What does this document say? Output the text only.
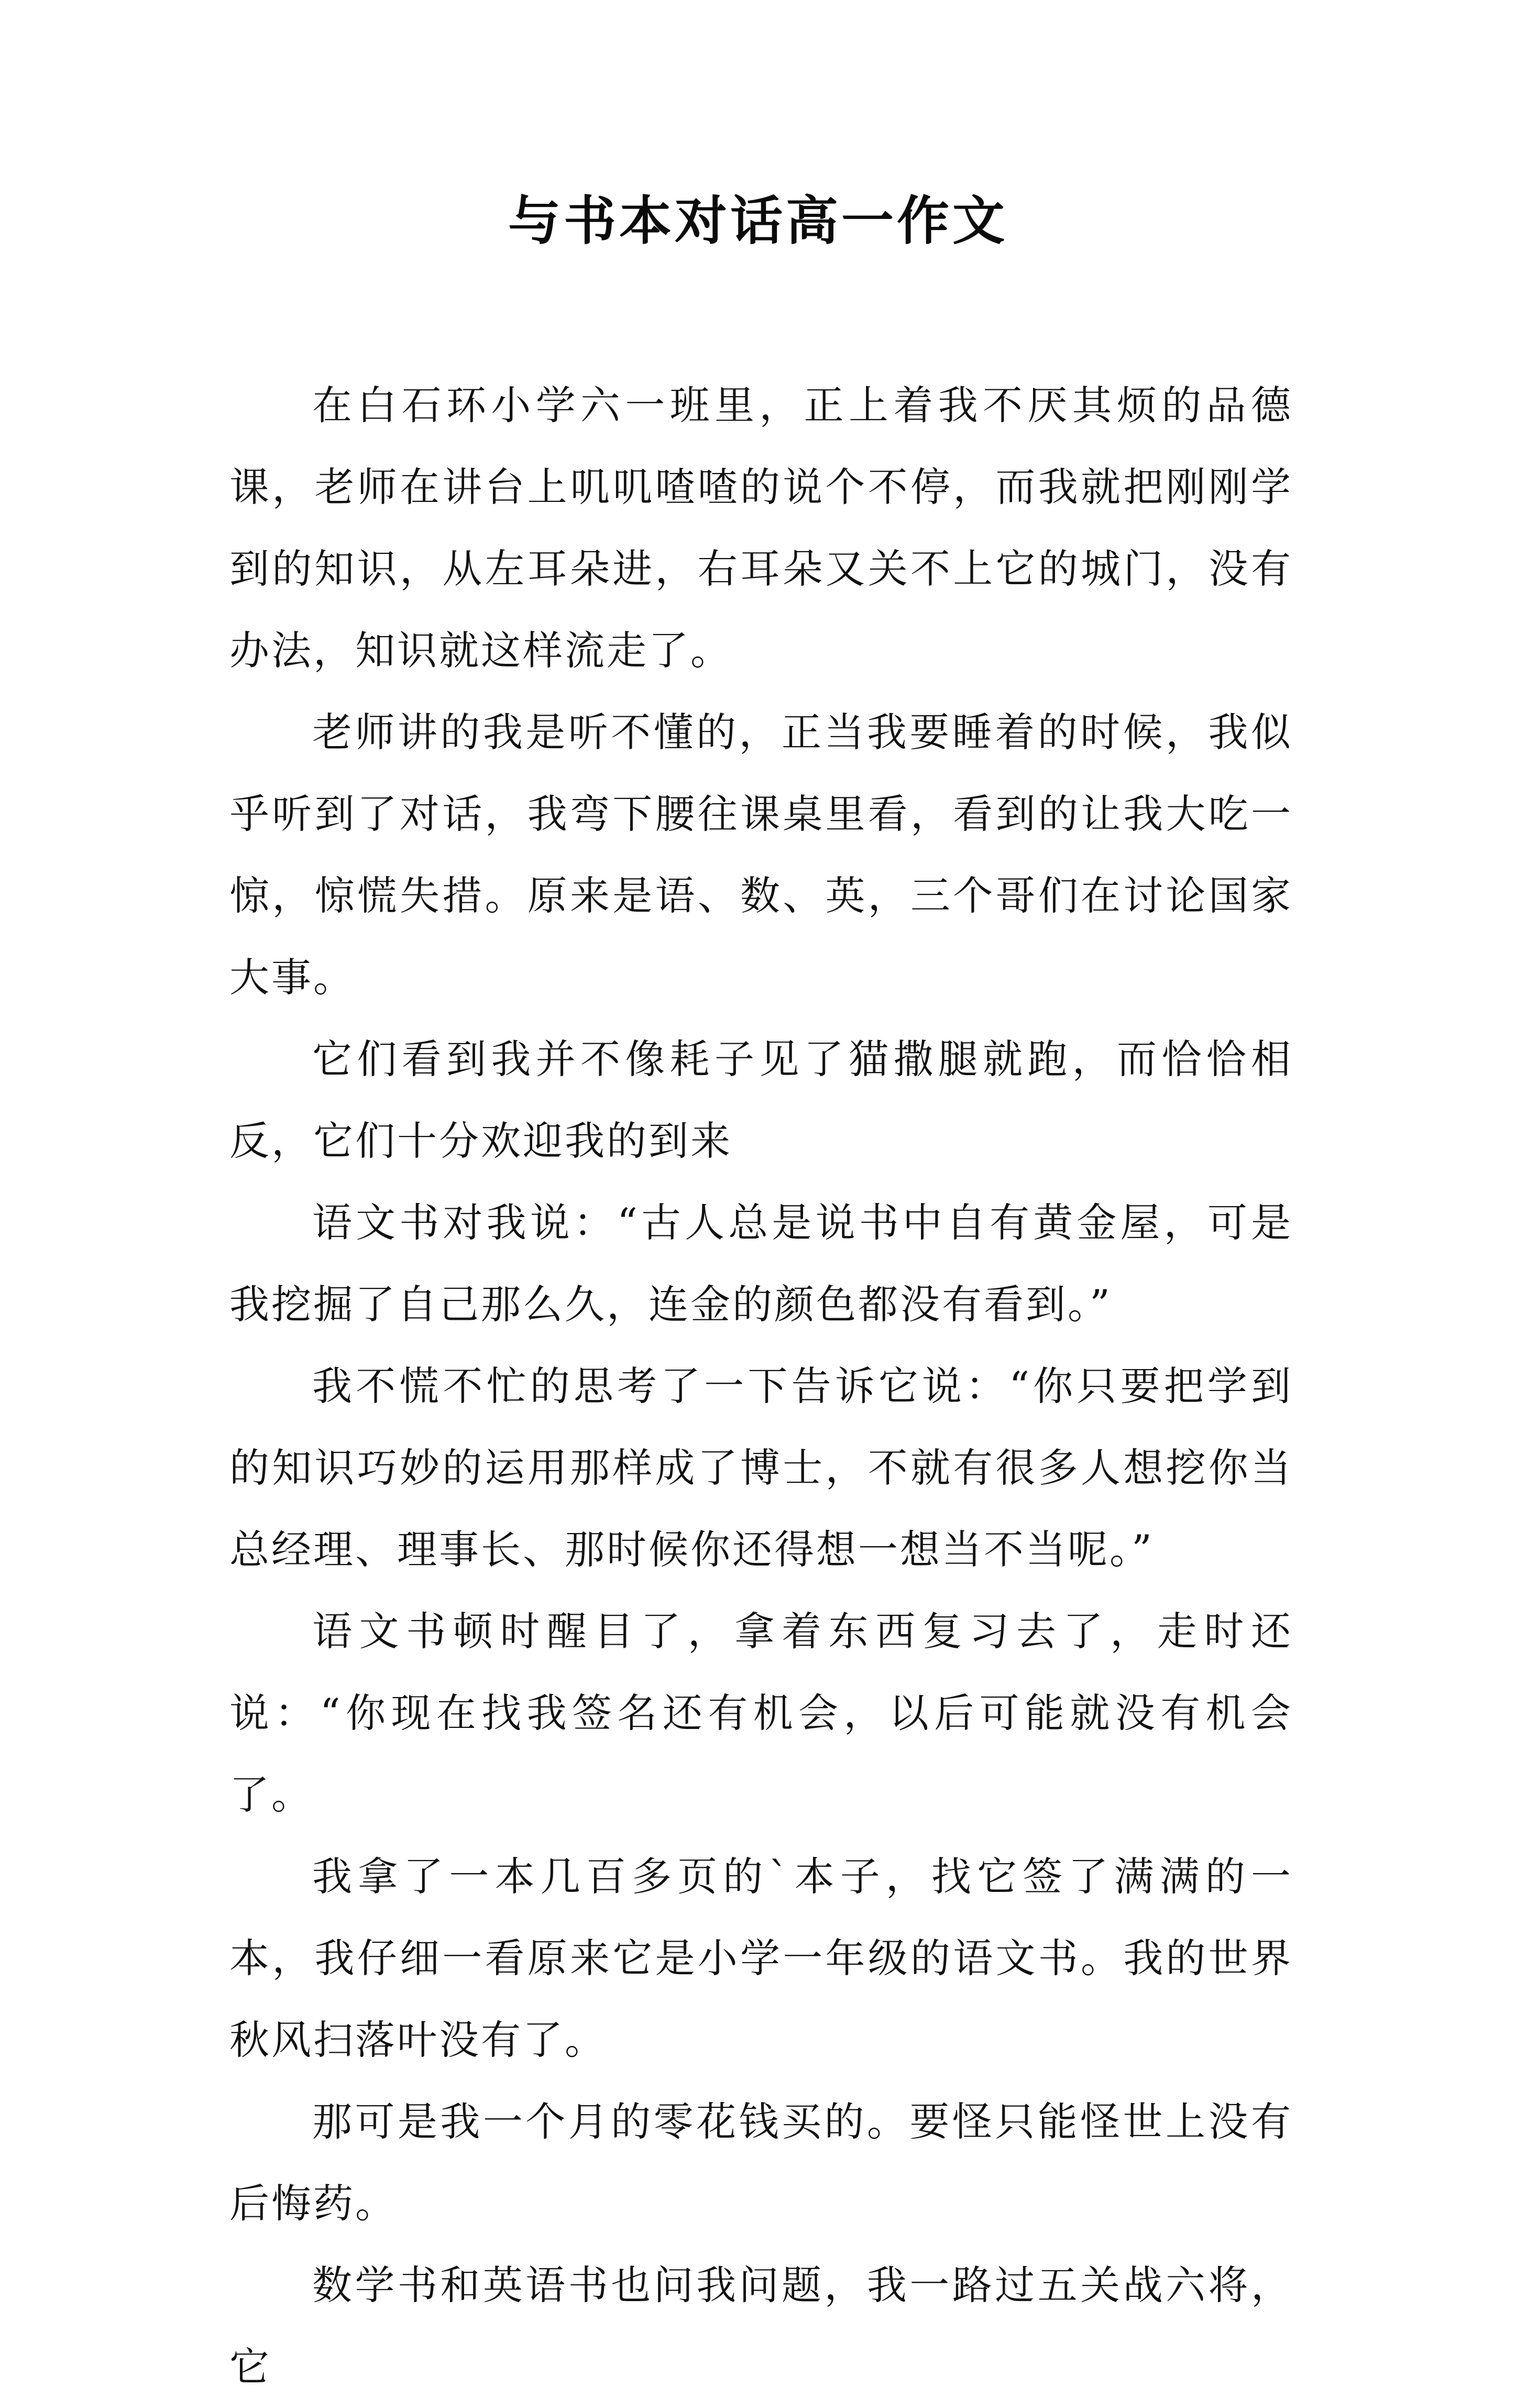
与书本对话高一作文

在白石环小学六一班里，正上着我不厌其烦的品德课，老师在讲台上叽叽喳喳的说个不停，而我就把刚刚学到的知识，从左耳朵进，右耳朵又关不上它的城门，没有办法，知识就这样流走了。

老师讲的我是听不懂的，正当我要睡着的时候，我似乎听到了对话，我弯下腰往课桌里看，看到的让我大吃一惊，惊慌失措。原来是语、数、英，三个哥们在讨论国家大事。

它们看到我并不像耗子见了猫撒腿就跑，而恰恰相反，它们十分欢迎我的到来

语文书对我说：“古人总是说书中自有黄金屋，可是我挖掘了自己那么久，连金的颜色都没有看到。”

我不慌不忙的思考了一下告诉它说：“你只要把学到的知识巧妙的运用那样成了博士，不就有很多人想挖你当总经理、理事长、那时候你还得想一想当不当呢。”

语文书顿时醒目了，拿着东西复习去了，走时还说：“你现在找我签名还有机会，以后可能就没有机会了。

我拿了一本几百多页的`本子，找它签了满满的一本，我仔细一看原来它是小学一年级的语文书。我的世界秋风扫落叶没有了。

那可是我一个月的零花钱买的。要怪只能怪世上没有后悔药。

数学书和英语书也问我问题，我一路过五关战六将，它
